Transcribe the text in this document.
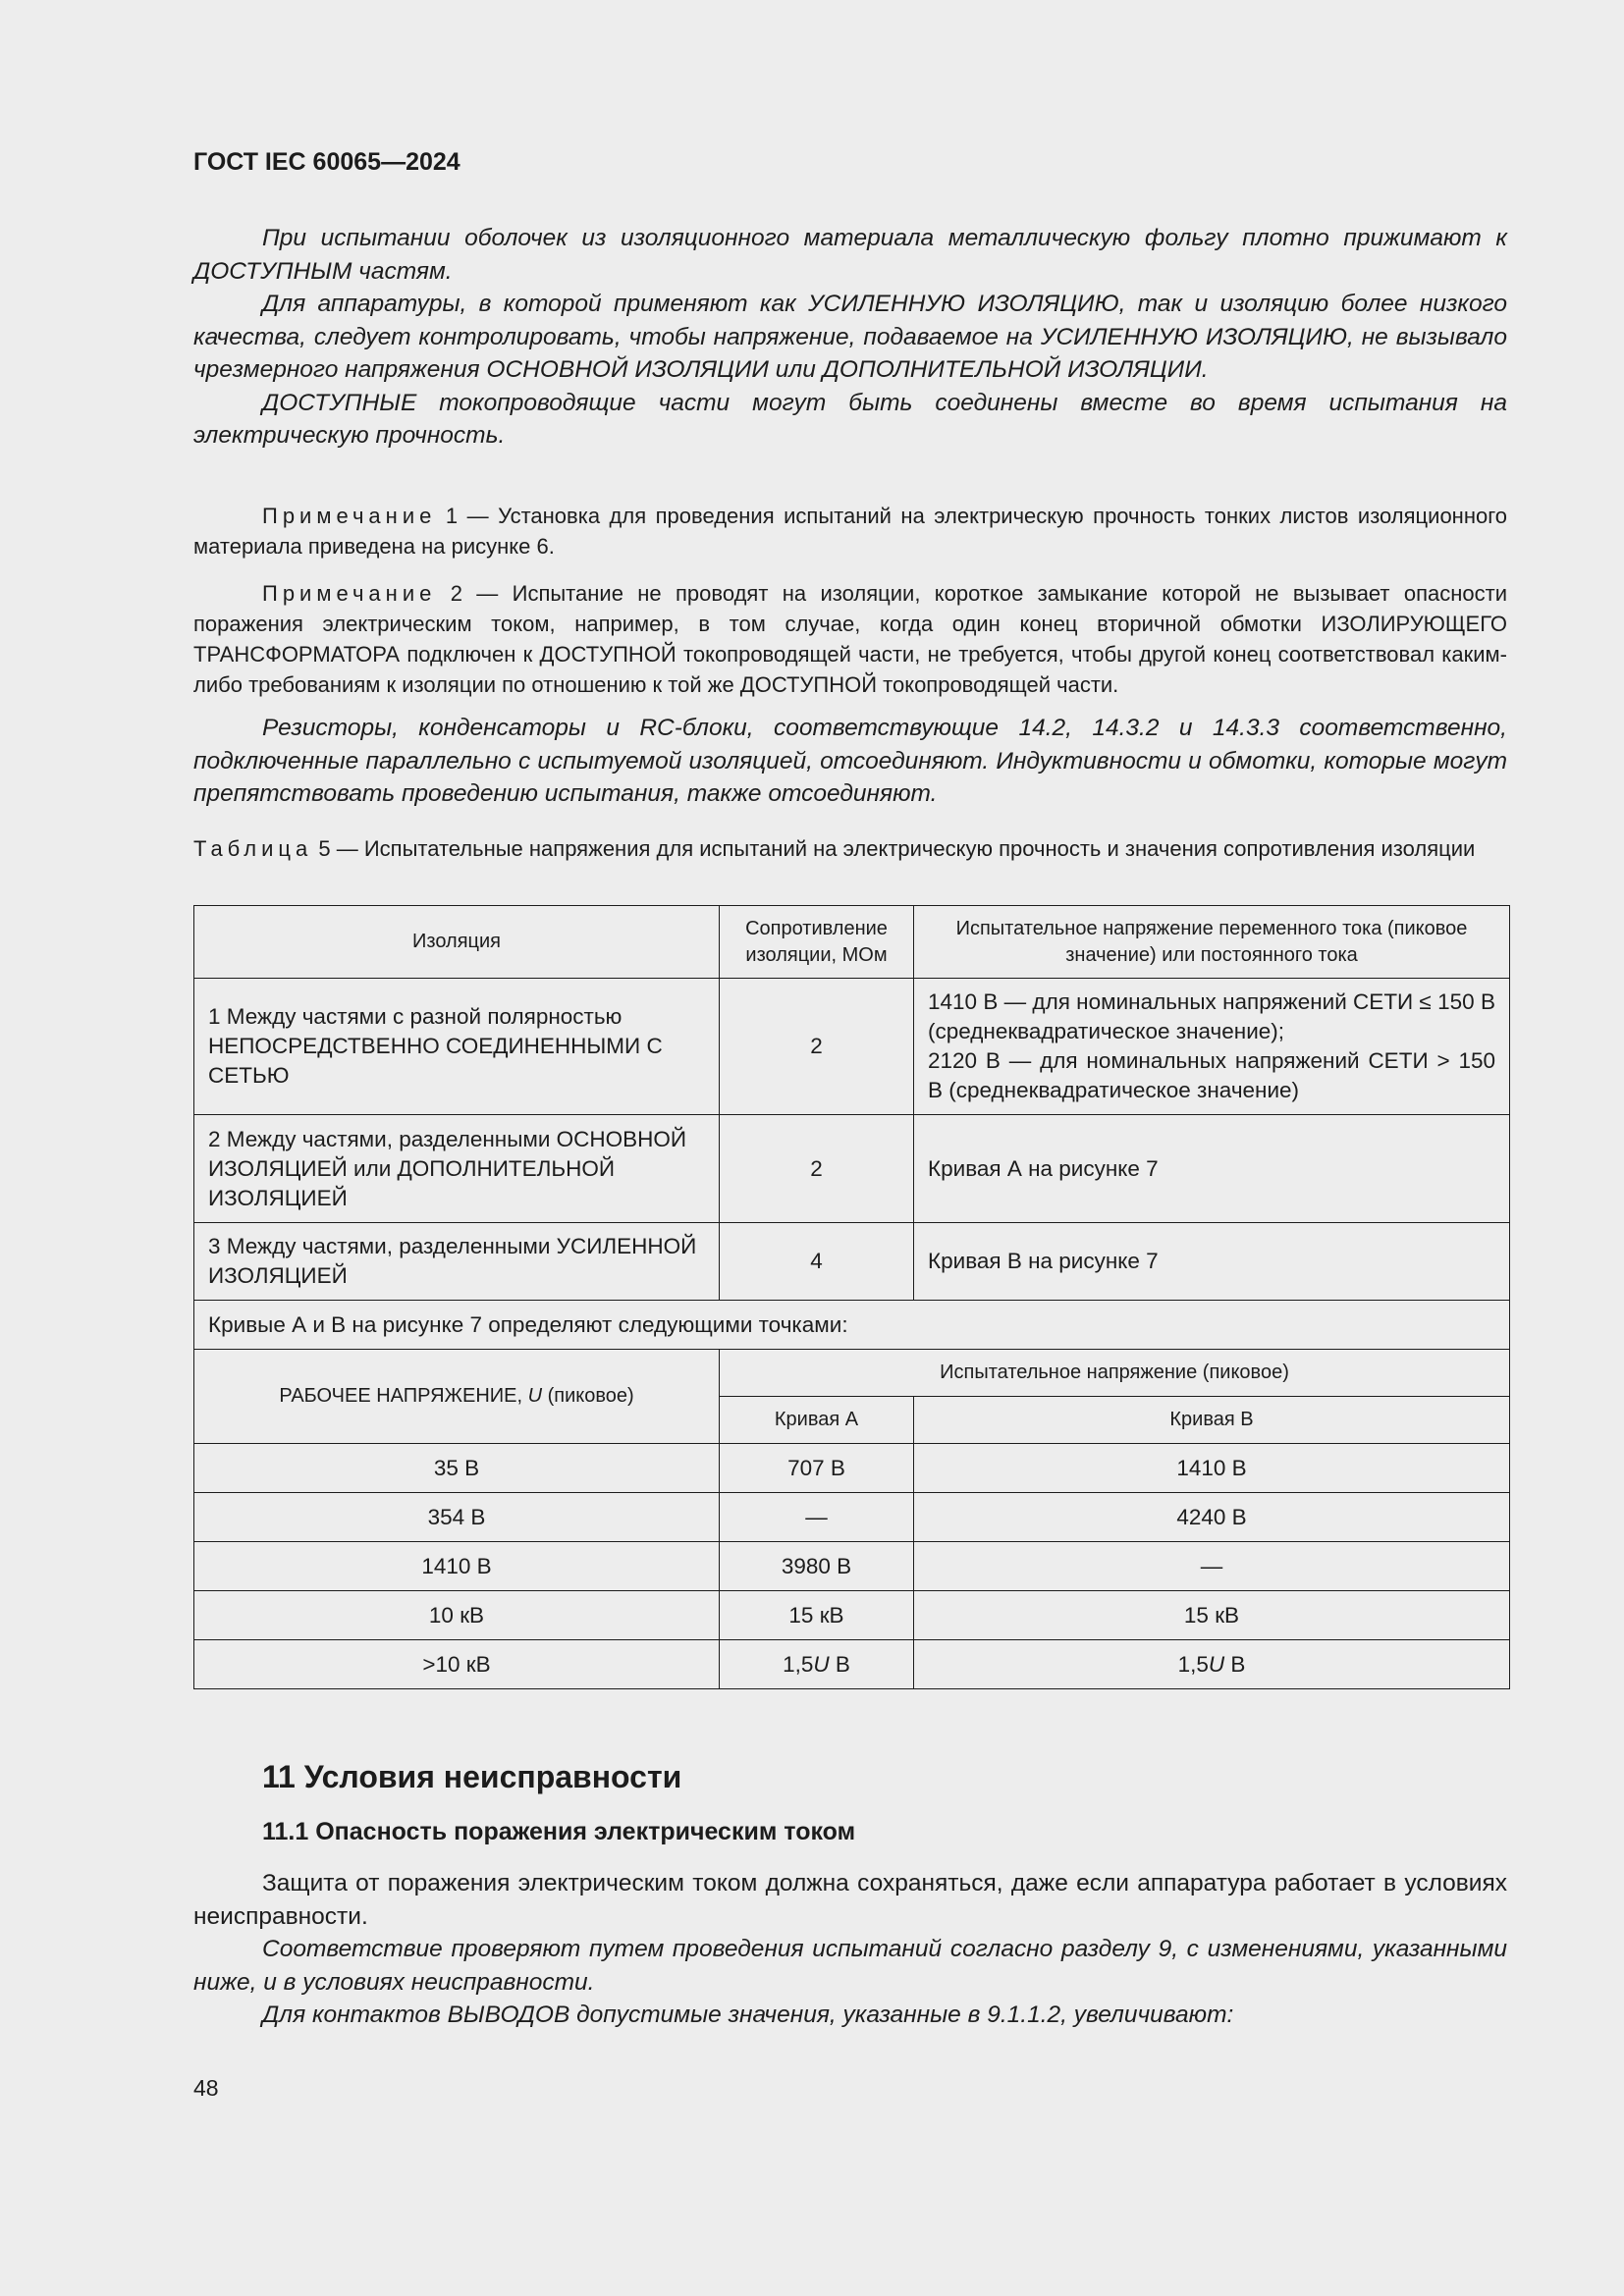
ГОСТ IEC 60065—2024

При испытании оболочек из изоляционного материала металлическую фольгу плотно прижимают к ДОСТУПНЫМ частям.

Для аппаратуры, в которой применяют как УСИЛЕННУЮ ИЗОЛЯЦИЮ, так и изоляцию более низкого качества, следует контролировать, чтобы напряжение, подаваемое на УСИЛЕННУЮ ИЗОЛЯЦИЮ, не вызывало чрезмерного напряжения ОСНОВНОЙ ИЗОЛЯЦИИ или ДОПОЛНИТЕЛЬНОЙ ИЗОЛЯЦИИ.

ДОСТУПНЫЕ токопроводящие части могут быть соединены вместе во время испытания на электрическую прочность.

Примечание 1 — Установка для проведения испытаний на электрическую прочность тонких листов изоляционного материала приведена на рисунке 6.

Примечание 2 — Испытание не проводят на изоляции, короткое замыкание которой не вызывает опасности поражения электрическим током, например, в том случае, когда один конец вторичной обмотки ИЗОЛИРУЮЩЕГО ТРАНСФОРМАТОРА подключен к ДОСТУПНОЙ токопроводящей части, не требуется, чтобы другой конец соответствовал каким-либо требованиям к изоляции по отношению к той же ДОСТУПНОЙ токопроводящей части.

Резисторы, конденсаторы и RC-блоки, соответствующие 14.2, 14.3.2 и 14.3.3 соответственно, подключенные параллельно с испытуемой изоляцией, отсоединяют. Индуктивности и обмотки, которые могут препятствовать проведению испытания, также отсоединяют.

Таблица 5 — Испытательные напряжения для испытаний на электрическую прочность и значения сопротивления изоляции

Изоляция	Сопротивление изоляции, МОм	Испытательное напряжение переменного тока (пиковое значение) или постоянного тока
1 Между частями с разной полярностью НЕПОСРЕДСТВЕННО СОЕДИНЕННЫМИ С СЕТЬЮ	2	1410 В — для номинальных напряжений СЕТИ ≤ 150 В (среднеквадратическое значение);
2120 В — для номинальных напряжений СЕТИ > 150 В (среднеквадратическое значение)

2 Между частями, разделенными ОСНОВНОЙ ИЗОЛЯЦИЕЙ или ДОПОЛНИТЕЛЬНОЙ ИЗОЛЯЦИЕЙ	2	Кривая А на рисунке 7
3 Между частями, разделенными УСИЛЕННОЙ ИЗОЛЯЦИЕЙ	4	Кривая В на рисунке 7
Кривые А и В на рисунке 7 определяют следующими точками:		
РАБОЧЕЕ НАПРЯЖЕНИЕ, U (пиковое)	Испытательное напряжение (пиковое)	
	Кривая А	Кривая В
35 В	707 В	1410 В
354 В	—	4240 В
1410 В	3980 В	—
10 кВ	15 кВ	15 кВ
>10 кВ	1,5U В	1,5U В
11 Условия неисправности
11.1 Опасность поражения электрическим током

Защита от поражения электрическим током должна сохраняться, даже если аппаратура работает в условиях неисправности.

Соответствие проверяют путем проведения испытаний согласно разделу 9, с изменениями, указанными ниже, и в условиях неисправности.

Для контактов ВЫВОДОВ допустимые значения, указанные в 9.1.1.2, увеличивают:

48
